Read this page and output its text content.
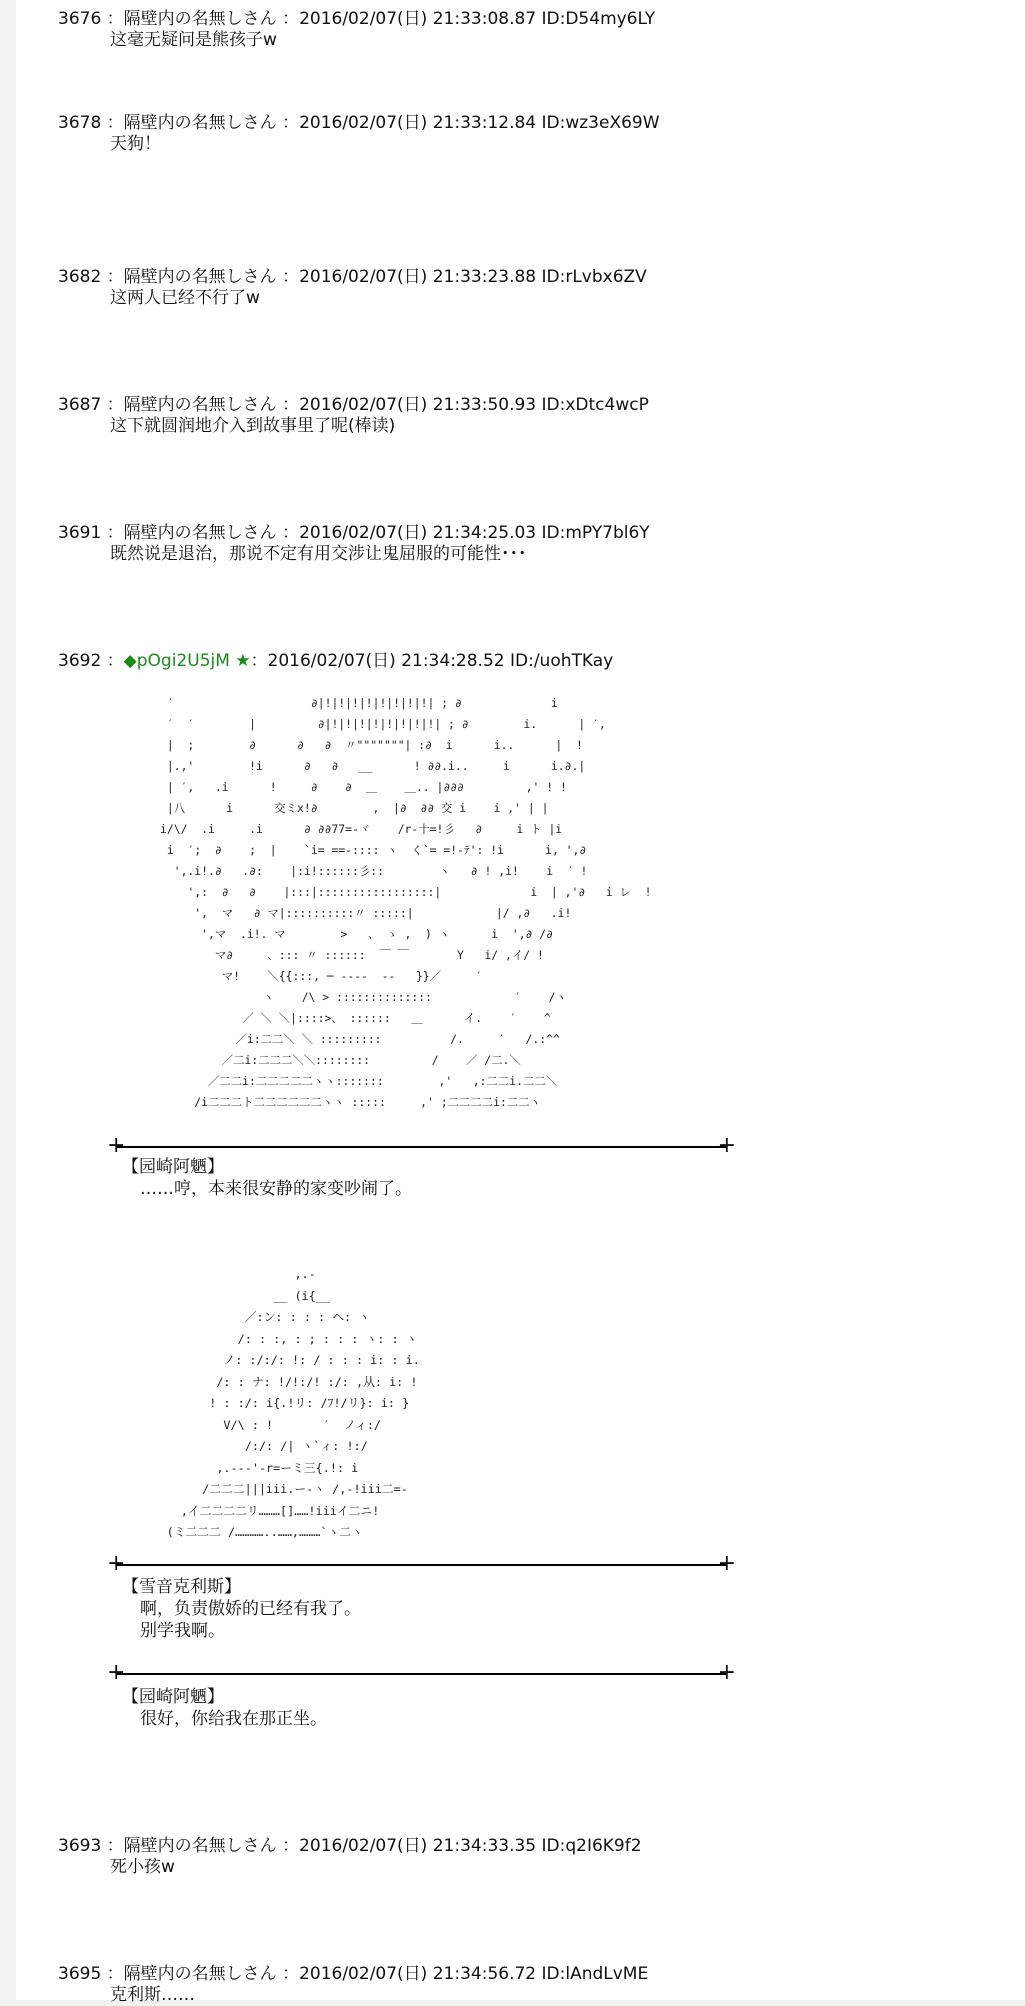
3676 ：隔壁内の名無しさん ：2016/02/07(日) 21:33:08.87 ID:D54my6LY
这毫无疑问是熊孩子w
3678 ：隔壁内の名無しさん ：2016/02/07(日) 21:33:12.84 ID:wz3eX69W
天狗！
3682 ：隔壁内の名無しさん ：2016/02/07(日) 21:33:23.88 ID:rLvbx6ZV
这两人已经不行了w
3687 ：隔壁内の名無しさん ：2016/02/07(日) 21:33:50.93 ID:xDtc4wcP
这下就圆润地介入到故事里了呢(棒读)
3691 ：隔壁内の名無しさん ：2016/02/07(日) 21:34:25.03 ID:mPY7bl6Y
既然说是退治，那说不定有用交涉让鬼屈服的可能性･･･
3692 ：◆pOgi2U5jM ★：2016/02/07(日) 21:34:28.52 ID:/uohTKay
′                    ∂|!|!|!|!|!|!|!|!| ; ∂             i
′  ′        |         ∂|!|!|!|!|!|!|!|!| ; ∂        i.      | ′,
|  ;        ∂      ∂   ∂  〃"""""""| :∂  i      i..      |  !
|.,'        !i      ∂   ∂   __      ! ∂∂.i..     i      i.∂.|
| ′,   .i      !     ∂    ∂  ＿    ＿.. |∂∂∂         ,' ! !
|八      i      交ミx!∂        ,  |∂  ∂∂ 交 i    i ,' | |
i/\/  .i     .i      ∂ ∂∂77=-ヾ    /r-十=!彡   ∂     i ト |i
i  ′;  ∂    ;  |    `i= ==-:::: ヽ  く`= =!-ﾃ': !i      i, ',∂
',.i!.∂   .∂:    |:i!::::::彡::        ヽ   ∂ ! ,i!    i  ′ !
',:  ∂   ∂    |:::|:::::::::::::::::|             i  | ,'∂   i レ  !
',  マ   ∂ マ|::::::::::〃 :::::|            |/ ,∂   .i!
',マ  .i!. マ        >   、 ゝ ,  ) ヽ      i  ',∂ /∂
マ∂     、::: 〃 ::::::  ￣ ￣       Y   i/ ,イ/ !
マ!    ＼{{:::, ─ ----  --   }}／     ′
ヽ    /\ > ::::::::::::::            ′    /ヽ
／ ＼ ＼|::::>、 ::::::   ＿      イ.    ′    ^
／i:二二＼ ＼ :::::::::          /.     ′   /.:^^
／二i:二二二＼＼::::::::         /    ／ /二.＼
／二二i:二二二二二ヽヽ:::::::        ,'   ,:二二i.二二＼
/i二二二ト二二二二二二ヽヽ :::::     ,' ;二二二二i:二二ヽ
+	+
【园崎阿魉】
……哼，本来很安静的家变吵闹了。
,.-
__ (i{__
／:ン: : : : ヘ: ヽ
/: : :, : ; : : : ヽ: : ヽ
ノ: :/:/: !: / : : : i: : i.
/: : ナ: !/!:/! :/: ,从: i: !
! : :/: i{.!リ: /ﾌ!/リ}: i: }
V/\ : !       ′  ノィ:/
/:/: /| ヽ`ィ: !:/
,.---'-r=ーミ三{.!: i
/二二二|||iii.ー-ヽ /,-!iii二=-
,イ二二二二リ………[]……!iiiイ二ニ!
(ミ二二二 /…………..……,………`ヽ二ヽ
+	+
【雪音克利斯】
啊，负责傲娇的已经有我了。
别学我啊。
+	+
【园崎阿魉】
很好，你给我在那正坐。
3693 ：隔壁内の名無しさん ：2016/02/07(日) 21:34:33.35 ID:q2I6K9f2
死小孩w
3695 ：隔壁内の名無しさん ：2016/02/07(日) 21:34:56.72 ID:lAndLvME
克利斯……
